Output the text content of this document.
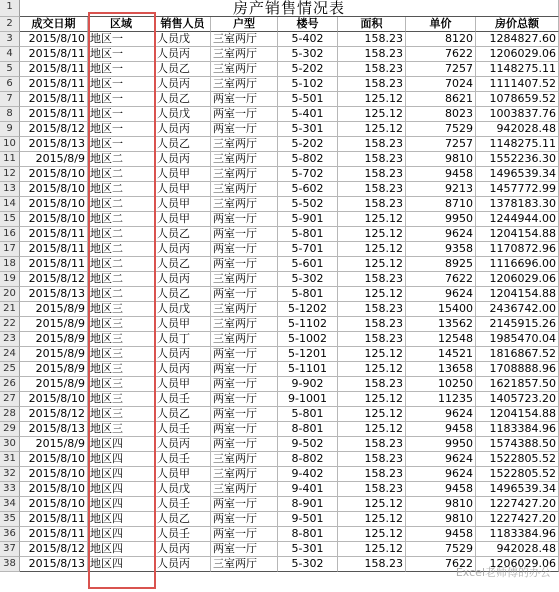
1	房产销售情况表
2	成交日期	区域	销售人员	户型	楼号	面积	单价	房价总额
3	2015/8/10 地区一	人员戊	三室两厅	5-402	158.23	8120	1284827.60
4	2015/8/11 地区一	人员丙	三室两厅	5-302	158.23	7622	1206029.06
5	2015/8/11 地区一	人员乙	三室两厅	5-202	158.23	7257	1148275.11
6	2015/8/11 地区一	人员丙	三室两厅	5-102	158.23	7024	1111407.52
7	2015/8/11 地区一	人员乙	两室一厅	5-501	125.12	8621	1078659.52
8	2015/8/11 地区一	人员戊	两室一厅	5-401	125.12	8023	1003837.76
9	2015/8/12 地区一	人员丙	两室一厅	5-301	125.12	7529	942028.48
10	2015/8/13 地区一	人员乙	三室两厅	5-202	158.23	7257	1148275.11
11	2015/8/9 地区二	人员丙	三室两厅	5-802	158.23	9810	1552236.30
12	2015/8/10 地区二	人员甲	三室两厅	5-702	158.23	9458	1496539.34
13	2015/8/10 地区二	人员甲	三室两厅	5-602	158.23	9213	1457772.99
14	2015/8/10 地区二	人员甲	三室两厅	5-502	158.23	8710	1378183.30
15	2015/8/10 地区二	人员甲	两室一厅	5-901	125.12	9950	1244944.00
16	2015/8/11 地区二	人员乙	两室一厅	5-801	125.12	9624	1204154.88
17	2015/8/11 地区二	人员丙	两室一厅	5-701	125.12	9358	1170872.96
18	2015/8/11 地区二	人员乙	两室一厅	5-601	125.12	8925	1116696.00
19	2015/8/12 地区二	人员丙	三室两厅	5-302	158.23	7622	1206029.06
20	2015/8/13 地区二	人员乙	两室一厅	5-801	125.12	9624	1204154.88
21	2015/8/9 地区三	人员戊	三室两厅	5-1202	158.23	15400	2436742.00
22	2015/8/9 地区三	人员甲	三室两厅	5-1102	158.23	13562	2145915.26
23	2015/8/9 地区三	人员丁	三室两厅	5-1002	158.23	12548	1985470.04
24	2015/8/9 地区三	人员丙	两室一厅	5-1201	125.12	14521	1816867.52
25	2015/8/9 地区三	人员丙	两室一厅	5-1101	125.12	13658	1708888.96
26	2015/8/9 地区三	人员甲	两室一厅	9-902	158.23	10250	1621857.50
27	2015/8/10 地区三	人员壬	两室一厅	9-1001	125.12	11235	1405723.20
28	2015/8/12 地区三	人员乙	两室一厅	5-801	125.12	9624	1204154.88
29	2015/8/13 地区三	人员壬	两室一厅	8-801	125.12	9458	1183384.96
30	2015/8/9 地区四	人员丙	两室一厅	9-502	158.23	9950	1574388.50
31	2015/8/10 地区四	人员壬	三室两厅	8-802	158.23	9624	1522805.52
32	2015/8/10 地区四	人员甲	三室两厅	9-402	158.23	9624	1522805.52
33	2015/8/10 地区四	人员戊	三室两厅	9-401	158.23	9458	1496539.34
34	2015/8/10 地区四	人员壬	两室一厅	8-901	125.12	9810	1227427.20
35	2015/8/11 地区四	人员乙	两室一厅	9-501	125.12	9810	1227427.20
36	2015/8/11 地区四	人员壬	两室一厅	8-801	125.12	9458	1183384.96
37	2015/8/12 地区四	人员丙	两室一厅	5-301	125.12	7529	942028.48
38	2015/8/13 地区四	人员丙	三室两厅	5-302	158.23	7622	1206029.06
Excel老师傅的办公
